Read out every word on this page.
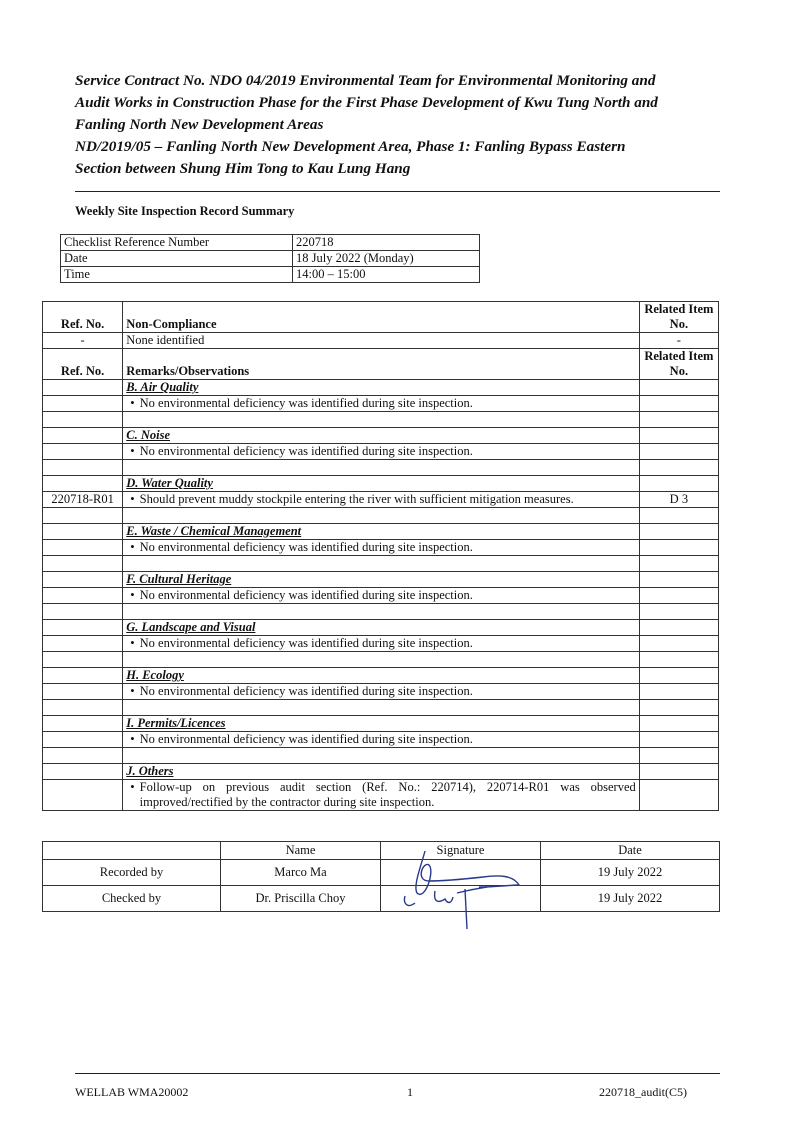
Service Contract No. NDO 04/2019 Environmental Team for Environmental Monitoring and

Audit Works in Construction Phase for the First Phase Development of Kwu Tung North and

Fanling North New Development Areas

ND/2019/05 – Fanling North New Development Area, Phase 1: Fanling Bypass Eastern

Section between Shung Him Tong to Kau Lung Hang

Weekly Site Inspection Record Summary
Checklist Reference Number	220718
Date	18 July 2022 (Monday)
Time	14:00 – 15:00
Ref. No.	Non-Compliance	Related Item No.
-	None identified	-
Ref. No.	Remarks/Observations	Related Item No.
	B. Air Quality	

	• No environmental deficiency was identified during site inspection.	

	C. Noise	

	• No environmental deficiency was identified during site inspection.	

	D. Water Quality	
220718-R01	• Should prevent muddy stockpile entering the river with sufficient mitigation measures.	D 3

	E. Waste / Chemical Management	

	• No environmental deficiency was identified during site inspection.	

	F. Cultural Heritage	

	• No environmental deficiency was identified during site inspection.	

	G. Landscape and Visual	

	• No environmental deficiency was identified during site inspection.	

	H. Ecology	

	• No environmental deficiency was identified during site inspection.	

	I. Permits/Licences	

	• No environmental deficiency was identified during site inspection.	

	J. Others	

	• Follow-up on previous audit section (Ref. No.: 220714), 220714-R01 was observed improved/rectified by the contractor during site inspection.	

	Name	Signature	Date
Recorded by	Marco Ma		19 July 2022
Checked by	Dr. Priscilla Choy		19 July 2022
WELLAB WMA20002	1	220718_audit(C5)
